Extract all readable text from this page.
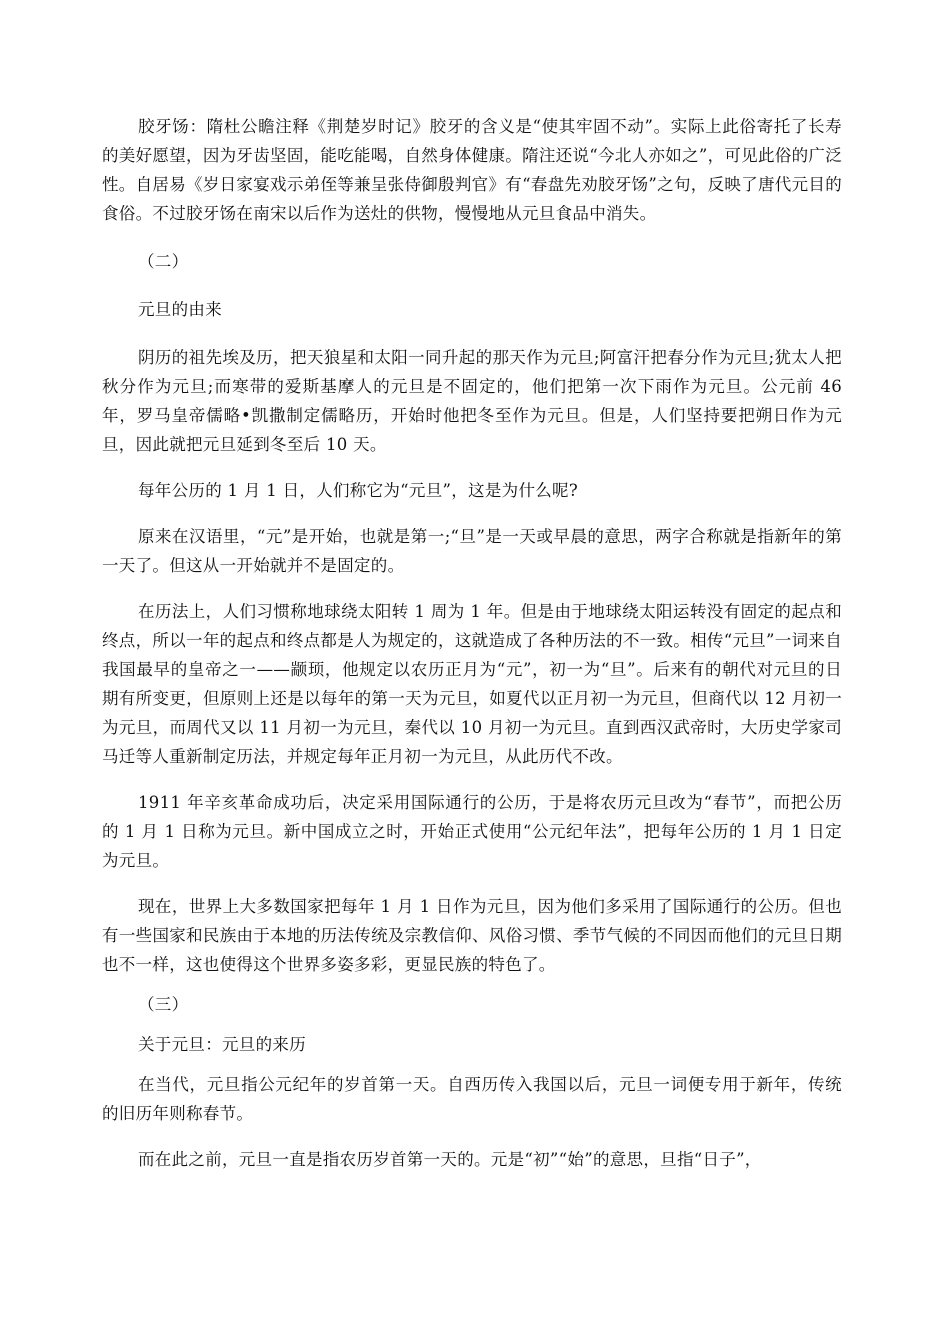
胶牙饧：隋杜公瞻注释《荆楚岁时记》胶牙的含义是“使其牢固不动”。实际上此俗寄托了长寿的美好愿望，因为牙齿坚固，能吃能喝，自然身体健康。隋注还说“今北人亦如之”，可见此俗的广泛性。自居易《岁日家宴戏示弟侄等兼呈张侍御殷判官》有“春盘先劝胶牙饧”之句，反映了唐代元目的食俗。不过胶牙饧在南宋以后作为送灶的供物，慢慢地从元旦食品中消失。

（二）

元旦的由来

阴历的祖先埃及历，把天狼星和太阳一同升起的那天作为元旦;阿富汗把春分作为元旦;犹太人把秋分作为元旦;而寒带的爱斯基摩人的元旦是不固定的，他们把第一次下雨作为元旦。公元前 46 年，罗马皇帝儒略•凯撒制定儒略历，开始时他把冬至作为元旦。但是，人们坚持要把朔日作为元旦，因此就把元旦延到冬至后 10 天。

每年公历的 1 月 1 日，人们称它为“元旦”，这是为什么呢?

原来在汉语里，“元”是开始，也就是第一;“旦”是一天或早晨的意思，两字合称就是指新年的第一天了。但这从一开始就并不是固定的。

在历法上，人们习惯称地球绕太阳转 1 周为 1 年。但是由于地球绕太阳运转没有固定的起点和终点，所以一年的起点和终点都是人为规定的，这就造成了各种历法的不一致。相传“元旦”一词来自我国最早的皇帝之一——颛顼，他规定以农历正月为“元”，初一为“旦”。后来有的朝代对元旦的日期有所变更，但原则上还是以每年的第一天为元旦，如夏代以正月初一为元旦，但商代以 12 月初一为元旦，而周代又以 11 月初一为元旦，秦代以 10 月初一为元旦。直到西汉武帝时，大历史学家司马迁等人重新制定历法，并规定每年正月初一为元旦，从此历代不改。

1911 年辛亥革命成功后，决定采用国际通行的公历，于是将农历元旦改为“春节”，而把公历的 1 月 1 日称为元旦。新中国成立之时，开始正式使用“公元纪年法”，把每年公历的 1 月 1 日定为元旦。

现在，世界上大多数国家把每年 1 月 1 日作为元旦，因为他们多采用了国际通行的公历。但也有一些国家和民族由于本地的历法传统及宗教信仰、风俗习惯、季节气候的不同因而他们的元旦日期也不一样，这也使得这个世界多姿多彩，更显民族的特色了。

（三）

关于元旦：元旦的来历

在当代，元旦指公元纪年的岁首第一天。自西历传入我国以后，元旦一词便专用于新年，传统的旧历年则称春节。

而在此之前，元旦一直是指农历岁首第一天的。元是“初”“始”的意思，旦指“日子”，
